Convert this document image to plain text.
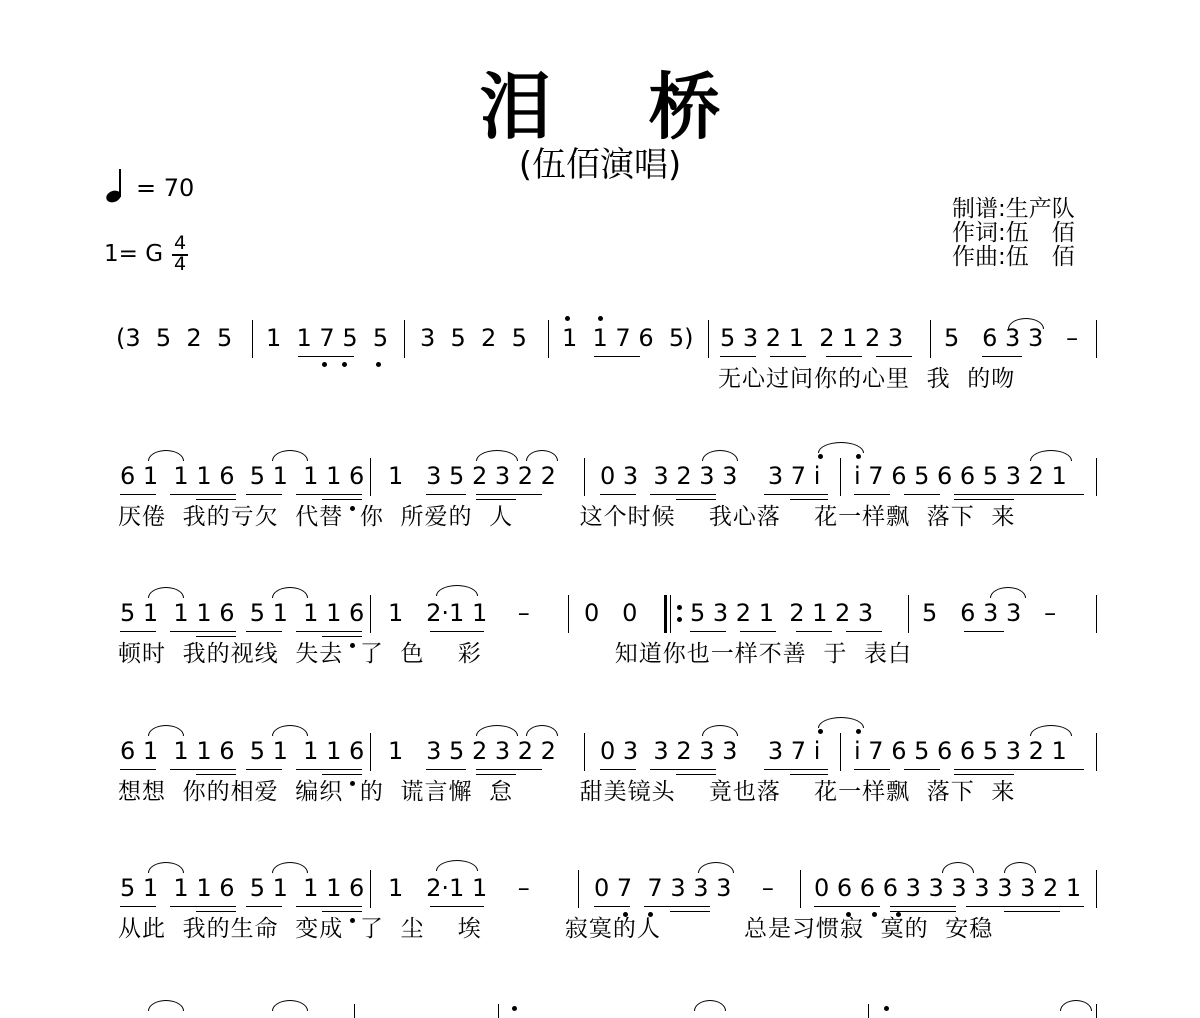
泪 桥
(伍佰演唱)
= 70
1= G $\frac{4}{4}$
制谱:生产队
作词:伍　佰
作曲:伍　佰
(3  5  2  5 1  1 7 5  5 3  5  2  5 1  1 7 6  5) 5 3 2 1  2 1 2 3 5   6 3 3   –
无心过问你的心里  我  的吻
6 1  1 1 6  5 1  1 1 6 1   3 5 2 3 2 2 0 3  3 2 3 3    3 7 i i 7 6 5 6 6 5 3 2 1
厌倦  我的亏欠  代替  你  所爱的  人        这个时候    我心落    花一样飘  落下  来
5 1  1 1 6  5 1  1 1 6 1   2·1 1    – 0   0 5 3 2 1  2 1 2 3 5   6 3 3   –
顿时  我的视线  失去  了  色    彩                知道你也一样不善  于  表白
6 1  1 1 6  5 1  1 1 6 1   3 5 2 3 2 2 0 3  3 2 3 3    3 7 i i 7 6 5 6 6 5 3 2 1
想想  你的相爱  编织  的  谎言懈  怠        甜美镜头    竟也落    花一样飘  落下  来
5 1  1 1 6  5 1  1 1 6 1   2·1 1    –	0 7  7 3 3 3    – 0 6 6 6 3 3 3 3 3 3 2 1
从此  我的生命  变成  了  尘    埃          寂寞的人          总是习惯寂  寞的  安稳
